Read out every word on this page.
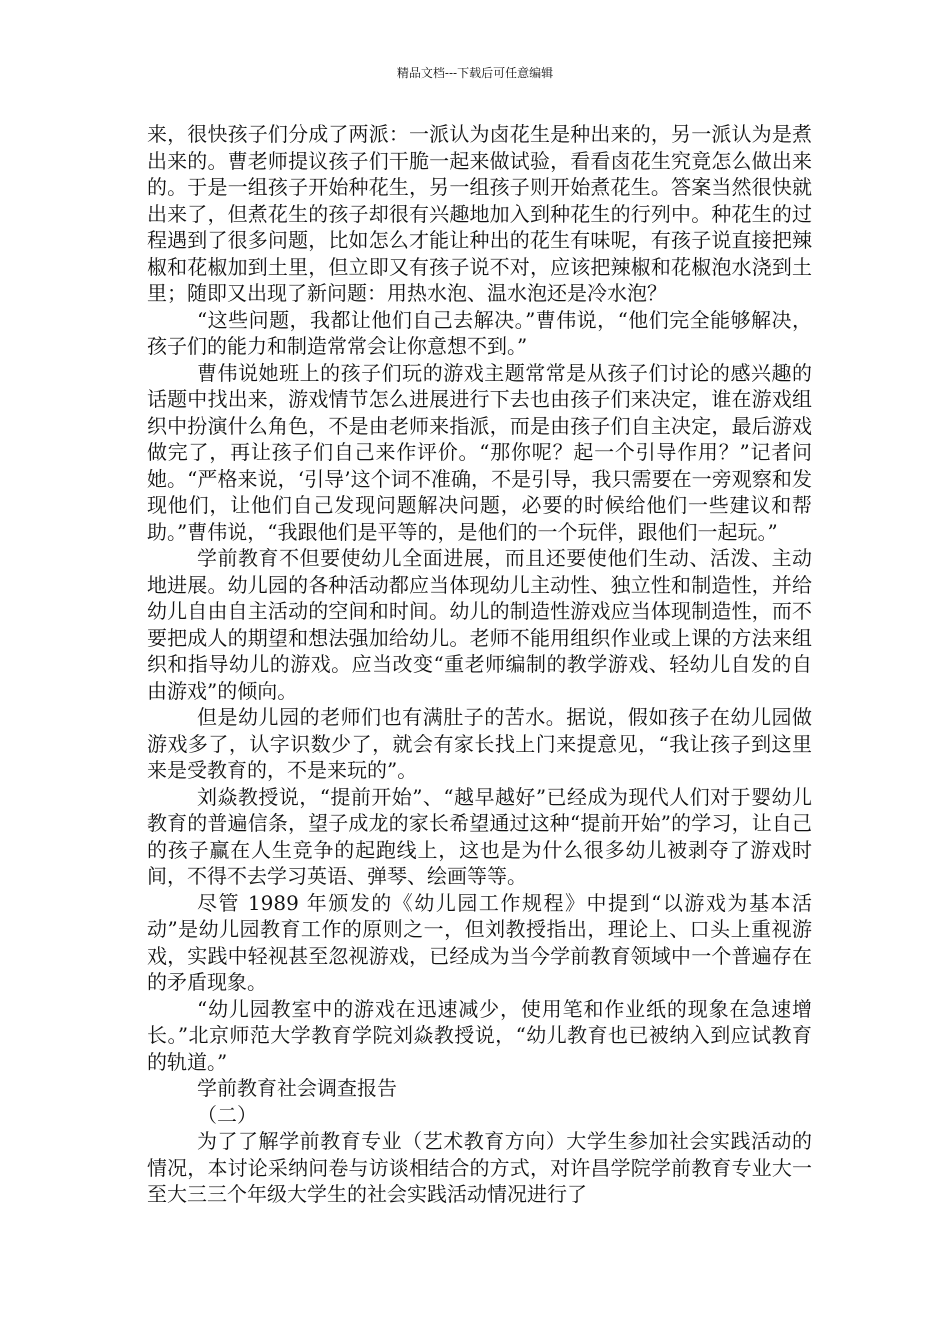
精品文档---下载后可任意编辑

来，很快孩子们分成了两派：一派认为卤花生是种出来的，另一派认为是煮出来的。曹老师提议孩子们干脆一起来做试验，看看卤花生究竟怎么做出来的。于是一组孩子开始种花生，另一组孩子则开始煮花生。答案当然很快就出来了，但煮花生的孩子却很有兴趣地加入到种花生的行列中。种花生的过程遇到了很多问题，比如怎么才能让种出的花生有味呢，有孩子说直接把辣椒和花椒加到土里，但立即又有孩子说不对，应该把辣椒和花椒泡水浇到土里；随即又出现了新问题：用热水泡、温水泡还是冷水泡？

“这些问题，我都让他们自己去解决。”曹伟说，“他们完全能够解决，孩子们的能力和制造常常会让你意想不到。”

曹伟说她班上的孩子们玩的游戏主题常常是从孩子们讨论的感兴趣的话题中找出来，游戏情节怎么进展进行下去也由孩子们来决定，谁在游戏组织中扮演什么角色，不是由老师来指派，而是由孩子们自主决定，最后游戏做完了，再让孩子们自己来作评价。“那你呢？起一个引导作用？”记者问她。“严格来说，‘引导’这个词不准确，不是引导，我只需要在一旁观察和发现他们，让他们自己发现问题解决问题，必要的时候给他们一些建议和帮助。”曹伟说，“我跟他们是平等的，是他们的一个玩伴，跟他们一起玩。”

学前教育不但要使幼儿全面进展，而且还要使他们生动、活泼、主动地进展。幼儿园的各种活动都应当体现幼儿主动性、独立性和制造性，并给幼儿自由自主活动的空间和时间。幼儿的制造性游戏应当体现制造性，而不要把成人的期望和想法强加给幼儿。老师不能用组织作业或上课的方法来组织和指导幼儿的游戏。应当改变“重老师编制的教学游戏、轻幼儿自发的自由游戏”的倾向。

但是幼儿园的老师们也有满肚子的苦水。据说，假如孩子在幼儿园做游戏多了，认字识数少了，就会有家长找上门来提意见，“我让孩子到这里来是受教育的，不是来玩的”。

刘焱教授说，“提前开始”、“越早越好”已经成为现代人们对于婴幼儿教育的普遍信条，望子成龙的家长希望通过这种“提前开始”的学习，让自己的孩子赢在人生竞争的起跑线上，这也是为什么很多幼儿被剥夺了游戏时间，不得不去学习英语、弹琴、绘画等等。

尽管 1989 年颁发的《幼儿园工作规程》中提到“以游戏为基本活动”是幼儿园教育工作的原则之一，但刘教授指出，理论上、口头上重视游戏，实践中轻视甚至忽视游戏，已经成为当今学前教育领域中一个普遍存在的矛盾现象。

“幼儿园教室中的游戏在迅速减少，使用笔和作业纸的现象在急速增长。”北京师范大学教育学院刘焱教授说，“幼儿教育也已被纳入到应试教育的轨道。”

学前教育社会调查报告

（二）

为了了解学前教育专业（艺术教育方向）大学生参加社会实践活动的情况，本讨论采纳问卷与访谈相结合的方式，对许昌学院学前教育专业大一至大三三个年级大学生的社会实践活动情况进行了
